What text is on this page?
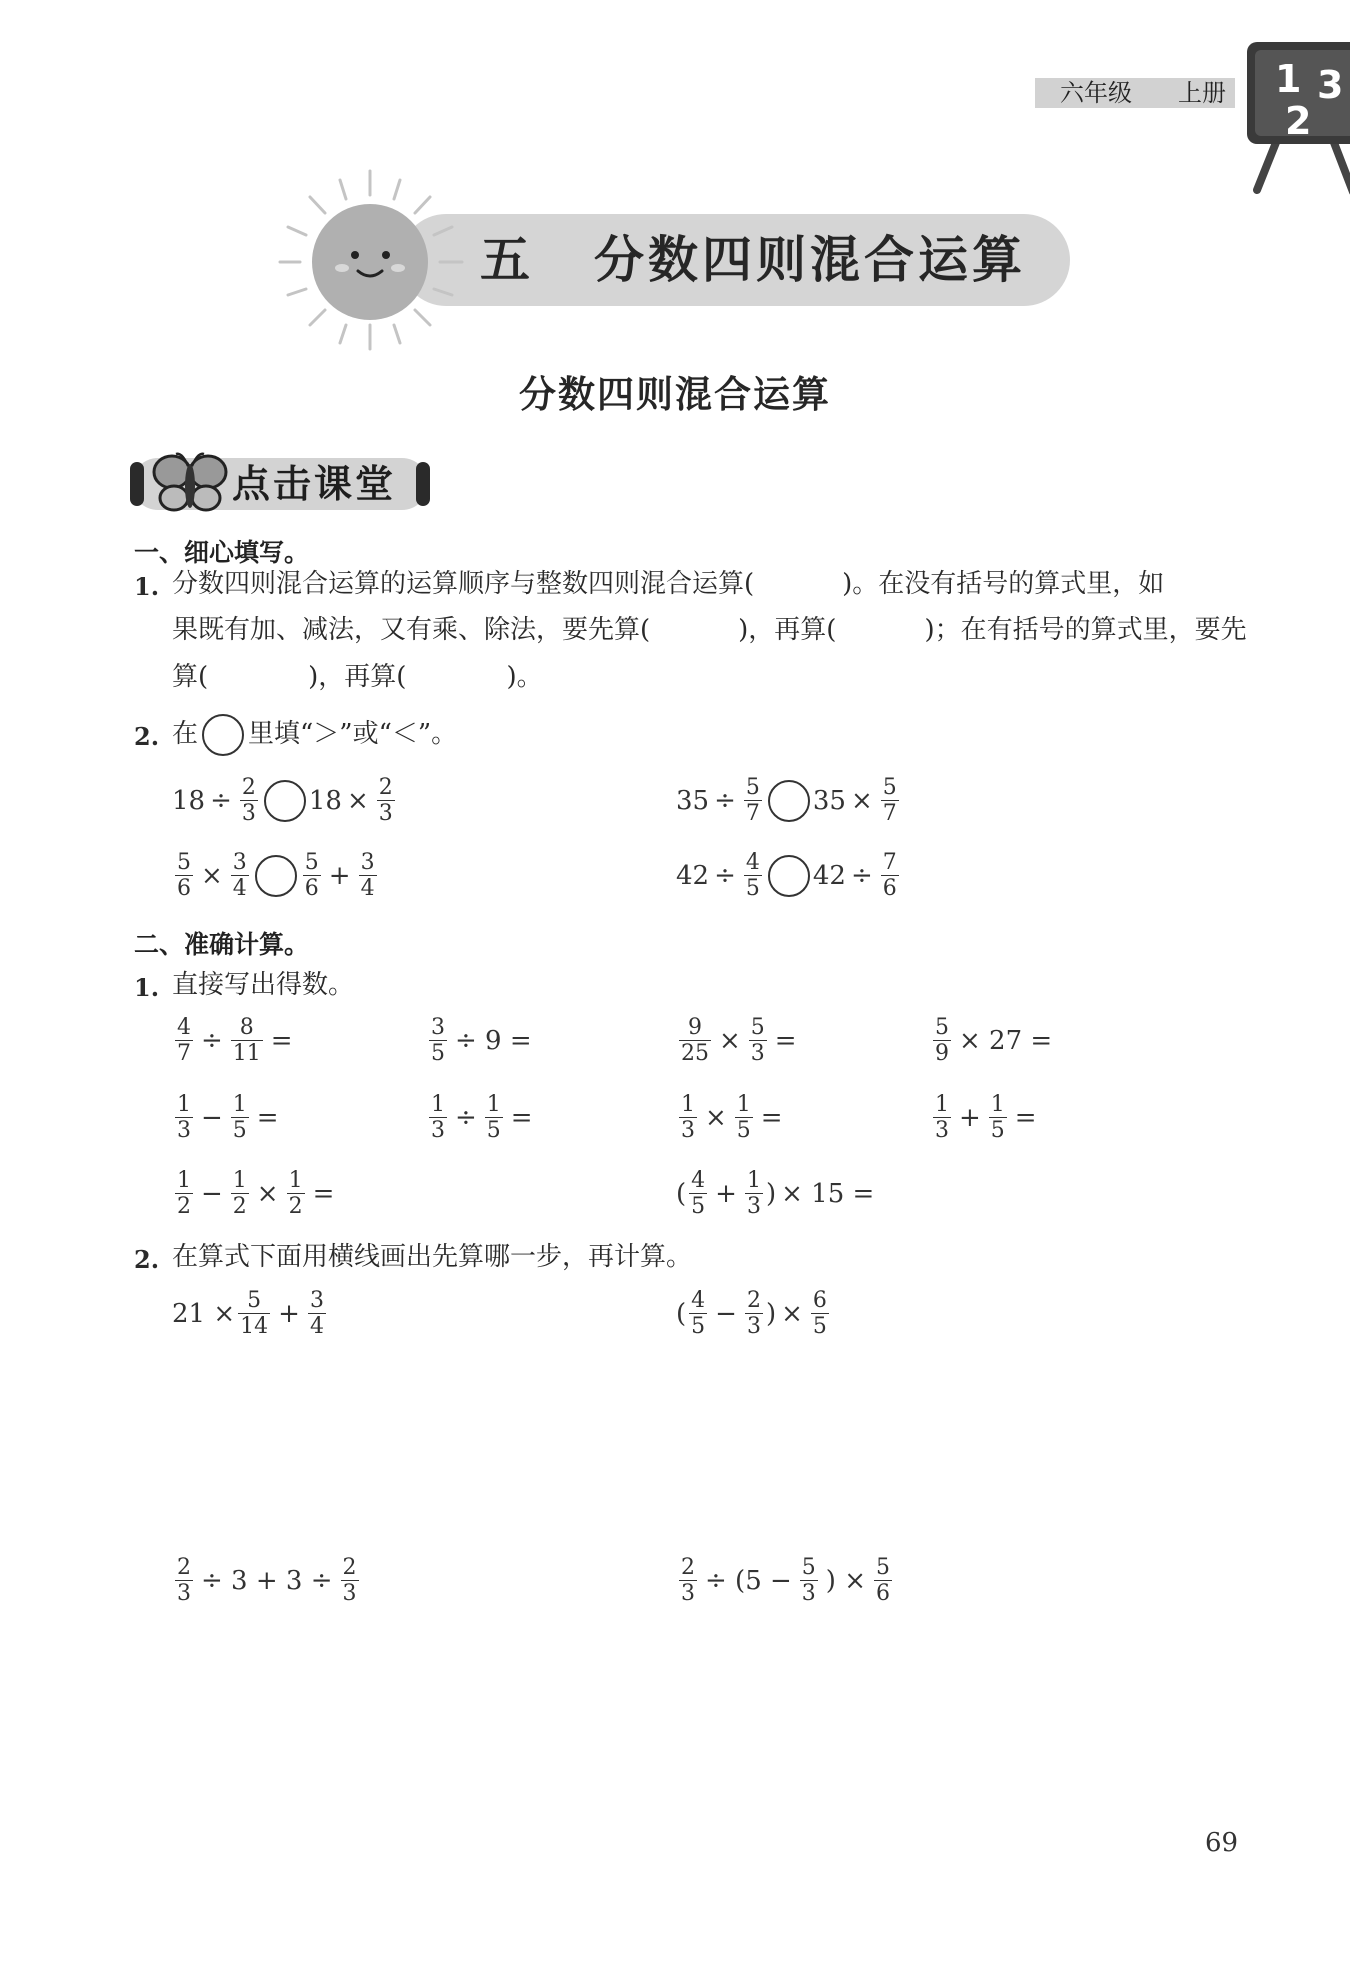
六年级 上册 1 3
2
五 分数四则混合运算
分数四则混合运算
点击课堂
一、细心填写。
1. 分数四则混合运算的运算顺序与整数四则混合运算(	)。在没有括号的算式里，如
果既有加、减法，又有乘、除法，要先算(	)，再算(	)；在有括号的算式里，要先
算(	)，再算(	)。
2. 在 里填“＞”或“＜”。
$18 \div \frac{2}{3} 18 \times \frac{2}{3}$	$35 \div \frac{5}{7} 35 \times \frac{5}{7}$
$\frac{5}{6} \times \frac{3}{4} \frac{5}{6} + \frac{3}{4}$	$42 \div \frac{4}{5} 42 \div \frac{7}{6}$
二、准确计算。
1. 直接写出得数。
$\frac{4}{7} \div \frac{8}{11}$ =	$\frac{3}{5} \div 9$ =	$\frac{9}{25} \times \frac{5}{3}$ =	$\frac{5}{9} \times 27$ =
$\frac{1}{3} - \frac{1}{5}$ =	$\frac{1}{3} \div \frac{1}{5}$ =	$\frac{1}{3} \times \frac{1}{5}$ =	$\frac{1}{3} + \frac{1}{5}$ =
$\frac{1}{2} - \frac{1}{2} \times \frac{1}{2}$ =	( $\frac{4}{5} + \frac{1}{3}$ ) × 15 =
2. 在算式下面用横线画出先算哪一步，再计算。
$21 \times \frac{5}{14} + \frac{3}{4}$	( $\frac{4}{5} - \frac{2}{3}$ ) × $\frac{6}{5}$
$\frac{2}{3} \div 3 + 3 \div \frac{2}{3}$	$\frac{2}{3} \div (5 - \frac{5}{3}$ ) × $\frac{5}{6}$
69
